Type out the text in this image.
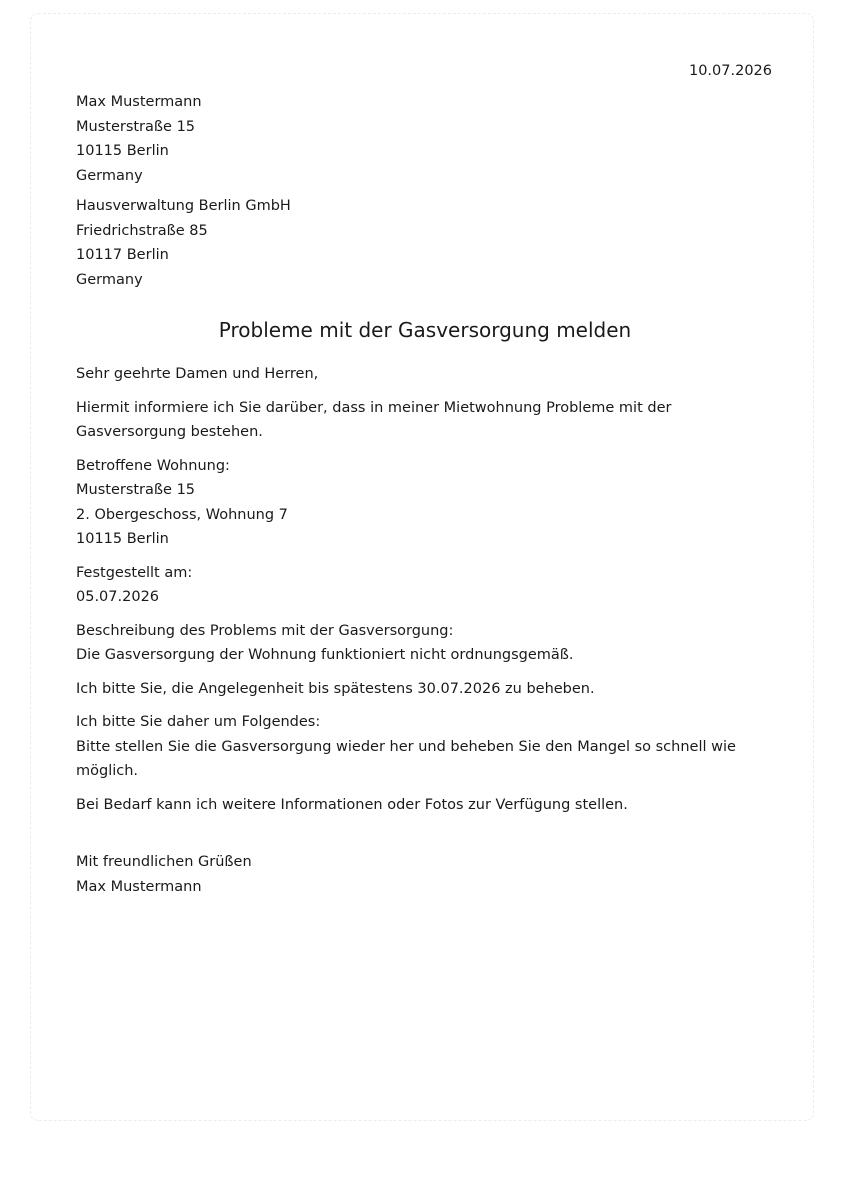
10.07.2026
Max Mustermann
Musterstraße 15
10115 Berlin
Germany
Hausverwaltung Berlin GmbH
Friedrichstraße 85
10117 Berlin
Germany
Probleme mit der Gasversorgung melden

Sehr geehrte Damen und Herren,

Hiermit informiere ich Sie darüber, dass in meiner Mietwohnung Probleme mit der
Gasversorgung bestehen.

Betroffene Wohnung:
Musterstraße 15
2. Obergeschoss, Wohnung 7
10115 Berlin

Festgestellt am:
05.07.2026

Beschreibung des Problems mit der Gasversorgung:
Die Gasversorgung der Wohnung funktioniert nicht ordnungsgemäß.

Ich bitte Sie, die Angelegenheit bis spätestens 30.07.2026 zu beheben.

Ich bitte Sie daher um Folgendes:
Bitte stellen Sie die Gasversorgung wieder her und beheben Sie den Mangel so schnell wie
möglich.

Bei Bedarf kann ich weitere Informationen oder Fotos zur Verfügung stellen.

Mit freundlichen Grüßen
Max Mustermann
